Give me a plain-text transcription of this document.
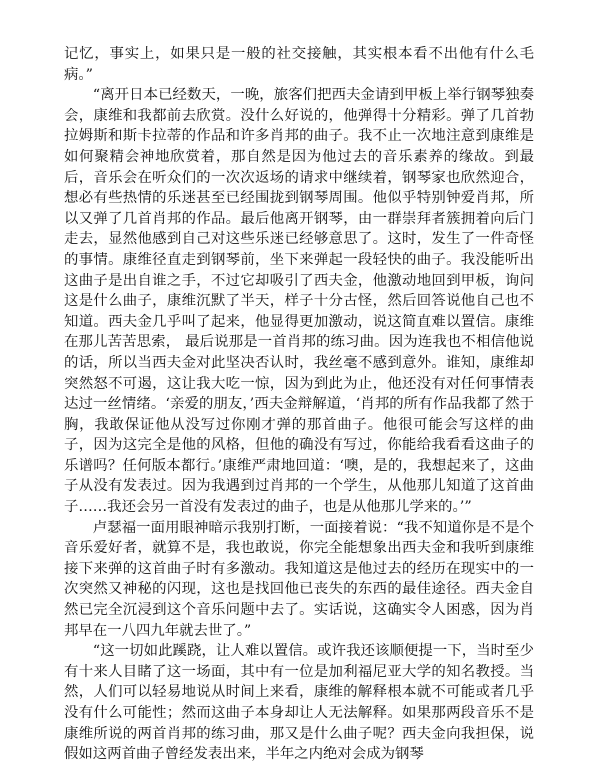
记忆，事实上，如果只是一般的社交接触，其实根本看不出他有什么毛病。”

“离开日本已经数天，一晚，旅客们把西夫金请到甲板上举行钢琴独奏会，康维和我都前去欣赏。没什么好说的，他弹得十分精彩。弹了几首勃拉姆斯和斯卡拉蒂的作品和许多肖邦的曲子。我不止一次地注意到康维是如何聚精会神地欣赏着，那自然是因为他过去的音乐素养的缘故。到最后，音乐会在听众们的一次次返场的请求中继续着，钢琴家也欣然迎合，想必有些热情的乐迷甚至已经围拢到钢琴周围。他似乎特别钟爱肖邦，所以又弹了几首肖邦的作品。最后他离开钢琴，由一群崇拜者簇拥着向后门走去，显然他感到自己对这些乐迷已经够意思了。这时，发生了一件奇怪的事情。康维径直走到钢琴前，坐下来弹起一段轻快的曲子。我没能听出这曲子是出自谁之手，不过它却吸引了西夫金，他激动地回到甲板，询问这是什么曲子，康维沉默了半天，样子十分古怪，然后回答说他自己也不知道。西夫金几乎叫了起来，他显得更加激动，说这简直难以置信。康维在那儿苦苦思索， 最后说那是一首肖邦的练习曲。因为连我也不相信他说的话，所以当西夫金对此坚决否认时，我丝毫不感到意外。谁知，康维却突然怒不可遏，这让我大吃一惊，因为到此为止，他还没有对任何事情表达过一丝情绪。‘亲爱的朋友，’西夫金辩解道，‘肖邦的所有作品我都了然于胸，我敢保证他从没写过你刚才弹的那首曲子。他很可能会写这样的曲子，因为这完全是他的风格，但他的确没有写过，你能给我看看这曲子的乐谱吗？任何版本都行。’康维严肃地回道：‘噢，是的，我想起来了，这曲子从没有发表过。因为我遇到过肖邦的一个学生，从他那儿知道了这首曲子……我还会另一首没有发表过的曲子，也是从他那儿学来的。’”

卢瑟福一面用眼神暗示我别打断，一面接着说：“我不知道你是不是个音乐爱好者，就算不是，我也敢说，你完全能想象出西夫金和我听到康维接下来弹的这首曲子时有多激动。我知道这是他过去的经历在现实中的一次突然又神秘的闪现，这也是找回他已丧失的东西的最佳途径。西夫金自然已完全沉浸到这个音乐问题中去了。实话说，这确实令人困惑，因为肖邦早在一八四九年就去世了。”

“这一切如此蹊跷，让人难以置信。或许我还该顺便提一下，当时至少有十来人目睹了这一场面，其中有一位是加利福尼亚大学的知名教授。当然，人们可以轻易地说从时间上来看，康维的解释根本就不可能或者几乎没有什么可能性；然而这曲子本身却让人无法解释。如果那两段音乐不是康维所说的两首肖邦的练习曲，那又是什么曲子呢？西夫金向我担保，说假如这两首曲子曾经发表出来，半年之内绝对会成为钢琴
